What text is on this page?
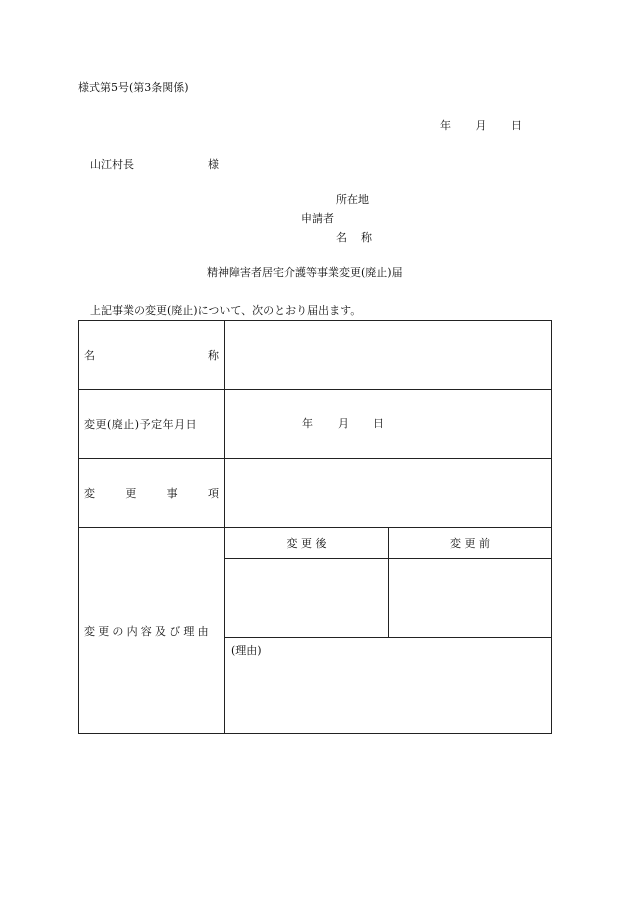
様式第5号(第3条関係)
年 月 日
山江村長	様
所在地
申請者
名 称
精神障害者居宅介護等事業変更(廃止)届
上記事業の変更(廃止)について、次のとおり届出ます。
名 称		

変更(廃止)予定年月日	年 月 日	

変 更 事 項		

変更の内容及び理由	変 更 後	変 更 前

	(理由)	
